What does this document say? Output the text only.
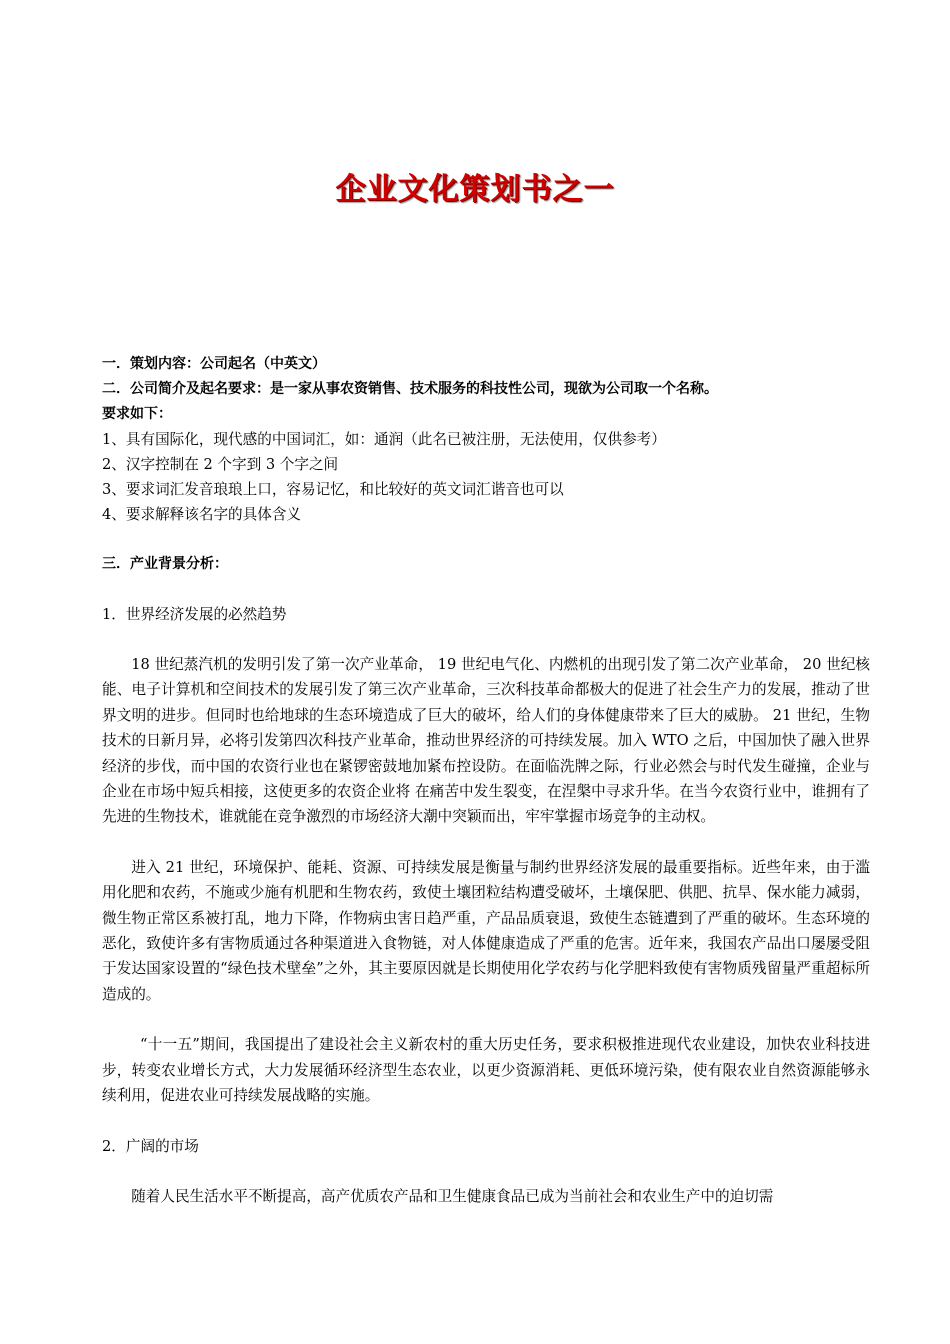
企业文化策划书之一
一．策划内容：公司起名（中英文）
二．公司简介及起名要求：是一家从事农资销售、技术服务的科技性公司，现欲为公司取一个名称。
要求如下：
1、具有国际化，现代感的中国词汇，如：通润（此名已被注册，无法使用，仅供参考）
2、汉字控制在 2 个字到 3 个字之间
3、要求词汇发音琅琅上口，容易记忆，和比较好的英文词汇谐音也可以
4、要求解释该名字的具体含义
三．产业背景分析：
1．世界经济发展的必然趋势

18 世纪蒸汽机的发明引发了第一次产业革命， 19 世纪电气化、内燃机的出现引发了第二次产业革命， 20 世纪核能、电子计算机和空间技术的发展引发了第三次产业革命，三次科技革命都极大的促进了社会生产力的发展，推动了世界文明的进步。但同时也给地球的生态环境造成了巨大的破坏，给人们的身体健康带来了巨大的威胁。 21 世纪，生物技术的日新月异，必将引发第四次科技产业革命，推动世界经济的可持续发展。加入 WTO 之后，中国加快了融入世界经济的步伐，而中国的农资行业也在紧锣密鼓地加紧布控设防。在面临洗牌之际，行业必然会与时代发生碰撞，企业与企业在市场中短兵相接，这使更多的农资企业将 在痛苦中发生裂变，在涅槃中寻求升华。在当今农资行业中，谁拥有了先进的生物技术，谁就能在竞争激烈的市场经济大潮中突颖而出，牢牢掌握市场竞争的主动权。

进入 21 世纪，环境保护、能耗、资源、可持续发展是衡量与制约世界经济发展的最重要指标。近些年来，由于滥用化肥和农药，不施或少施有机肥和生物农药，致使土壤团粒结构遭受破坏，土壤保肥、供肥、抗旱、保水能力减弱，微生物正常区系被打乱，地力下降，作物病虫害日趋严重，产品品质衰退，致使生态链遭到了严重的破坏。生态环境的恶化，致使许多有害物质通过各种渠道进入食物链，对人体健康造成了严重的危害。近年来，我国农产品出口屡屡受阻于发达国家设置的“绿色技术壁垒”之外，其主要原因就是长期使用化学农药与化学肥料致使有害物质残留量严重超标所造成的。

“十一五”期间，我国提出了建设社会主义新农村的重大历史任务，要求积极推进现代农业建设，加快农业科技进步，转变农业增长方式，大力发展循环经济型生态农业，以更少资源消耗、更低环境污染，使有限农业自然资源能够永续利用，促进农业可持续发展战略的实施。

2．广阔的市场

随着人民生活水平不断提高，高产优质农产品和卫生健康食品已成为当前社会和农业生产中的迫切需
